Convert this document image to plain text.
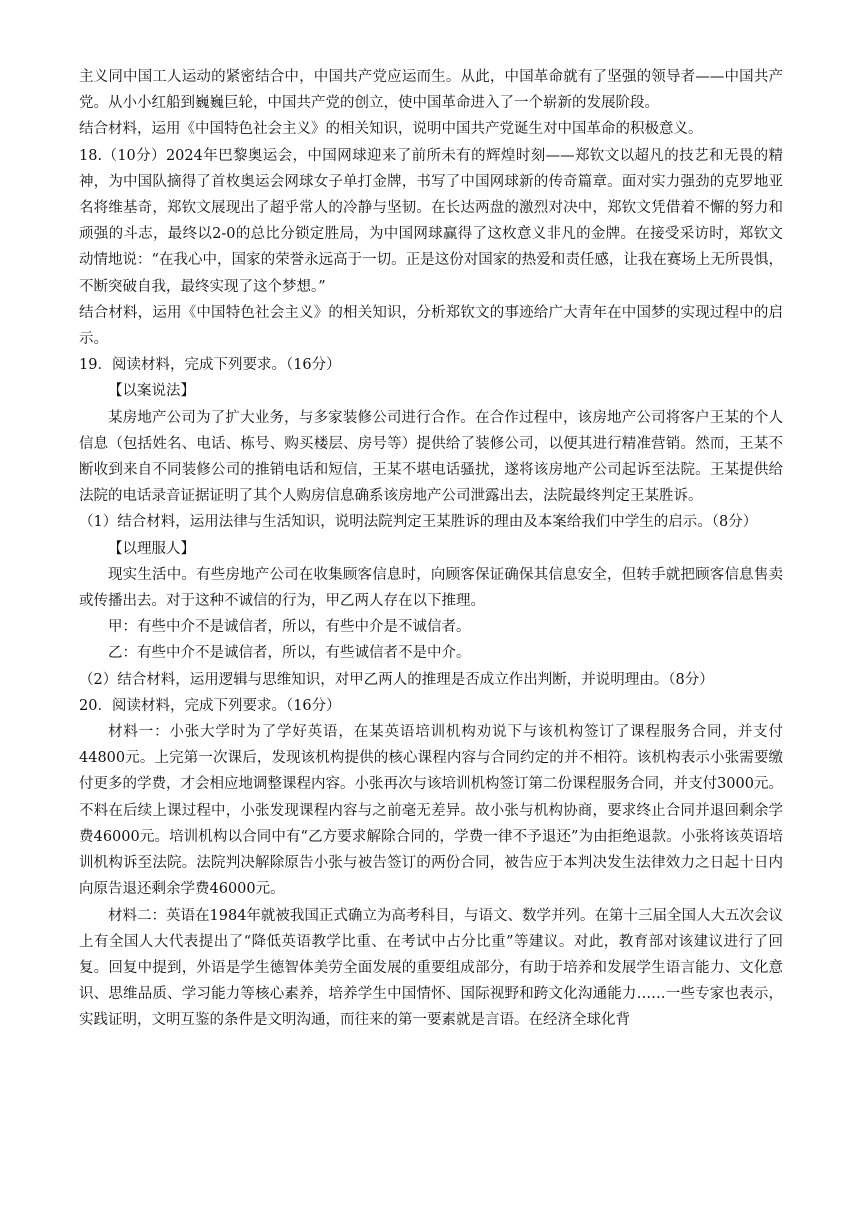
主义同中国工人运动的紧密结合中，中国共产党应运而生。从此，中国革命就有了坚强的领导者——中国共产党。从小小红船到巍巍巨轮，中国共产党的创立，使中国革命进入了一个崭新的发展阶段。

结合材料，运用《中国特色社会主义》的相关知识，说明中国共产党诞生对中国革命的积极意义。

18.（10分）2024年巴黎奥运会，中国网球迎来了前所未有的辉煌时刻——郑钦文以超凡的技艺和无畏的精神，为中国队摘得了首枚奥运会网球女子单打金牌，书写了中国网球新的传奇篇章。面对实力强劲的克罗地亚名将维基奇，郑钦文展现出了超乎常人的冷静与坚韧。在长达两盘的激烈对决中，郑钦文凭借着不懈的努力和顽强的斗志，最终以2-0的总比分锁定胜局，为中国网球赢得了这枚意义非凡的金牌。在接受采访时，郑钦文动情地说：“在我心中，国家的荣誉永远高于一切。正是这份对国家的热爱和责任感，让我在赛场上无所畏惧，不断突破自我，最终实现了这个梦想。”

结合材料，运用《中国特色社会主义》的相关知识，分析郑钦文的事迹给广大青年在中国梦的实现过程中的启示。

19．阅读材料，完成下列要求。（16分）

【以案说法】

某房地产公司为了扩大业务，与多家装修公司进行合作。在合作过程中，该房地产公司将客户王某的个人信息（包括姓名、电话、栋号、购买楼层、房号等）提供给了装修公司，以便其进行精准营销。然而，王某不断收到来自不同装修公司的推销电话和短信，王某不堪电话骚扰，遂将该房地产公司起诉至法院。王某提供给法院的电话录音证据证明了其个人购房信息确系该房地产公司泄露出去，法院最终判定王某胜诉。

（1）结合材料，运用法律与生活知识，说明法院判定王某胜诉的理由及本案给我们中学生的启示。（8分）

【以理服人】

现实生活中。有些房地产公司在收集顾客信息时，向顾客保证确保其信息安全，但转手就把顾客信息售卖或传播出去。对于这种不诚信的行为，甲乙两人存在以下推理。

甲：有些中介不是诚信者，所以，有些中介是不诚信者。

乙：有些中介不是诚信者，所以，有些诚信者不是中介。

（2）结合材料，运用逻辑与思维知识，对甲乙两人的推理是否成立作出判断，并说明理由。（8分）

20．阅读材料，完成下列要求。（16分）

材料一：小张大学时为了学好英语，在某英语培训机构劝说下与该机构签订了课程服务合同，并支付44800元。上完第一次课后，发现该机构提供的核心课程内容与合同约定的并不相符。该机构表示小张需要缴付更多的学费，才会相应地调整课程内容。小张再次与该培训机构签订第二份课程服务合同，并支付3000元。不料在后续上课过程中，小张发现课程内容与之前毫无差异。故小张与机构协商，要求终止合同并退回剩余学费46000元。培训机构以合同中有“乙方要求解除合同的，学费一律不予退还”为由拒绝退款。小张将该英语培训机构诉至法院。法院判决解除原告小张与被告签订的两份合同，被告应于本判决发生法律效力之日起十日内向原告退还剩余学费46000元。

材料二：英语在1984年就被我国正式确立为高考科目，与语文、数学并列。在第十三届全国人大五次会议上有全国人大代表提出了“降低英语教学比重、在考试中占分比重”等建议。对此，教育部对该建议进行了回复。回复中提到，外语是学生德智体美劳全面发展的重要组成部分，有助于培养和发展学生语言能力、文化意识、思维品质、学习能力等核心素养，培养学生中国情怀、国际视野和跨文化沟通能力……一些专家也表示，实践证明，文明互鉴的条件是文明沟通，而往来的第一要素就是言语。在经济全球化背
